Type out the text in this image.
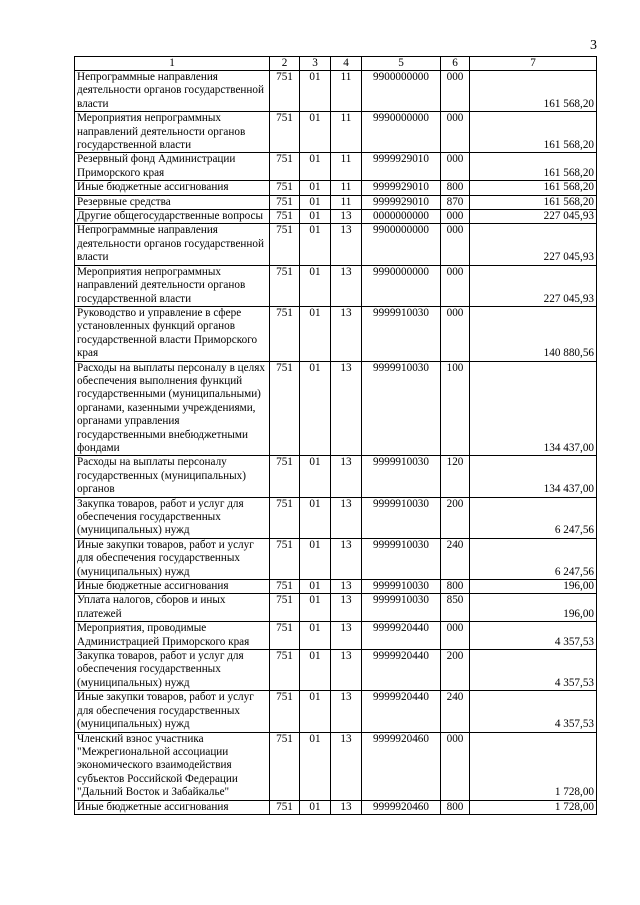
3
1	2	3	4	5	6	7
Непрограммные направления деятельности органов государственной власти	751	01	11	9900000000	000	161 568,20
Мероприятия непрограммных направлений деятельности органов государственной власти	751	01	11	9990000000	000	161 568,20
Резервный фонд Администрации Приморского края	751	01	11	9999929010	000	161 568,20
Иные бюджетные ассигнования	751	01	11	9999929010	800	161 568,20
Резервные средства	751	01	11	9999929010	870	161 568,20
Другие общегосударственные вопросы	751	01	13	0000000000	000	227 045,93
Непрограммные направления деятельности органов государственной власти	751	01	13	9900000000	000	227 045,93
Мероприятия непрограммных направлений деятельности органов государственной власти	751	01	13	9990000000	000	227 045,93
Руководство и управление в сфере установленных функций органов государственной власти Приморского края	751	01	13	9999910030	000	140 880,56
Расходы на выплаты персоналу в целях обеспечения выполнения функций государственными (муниципальными) органами, казенными учреждениями, органами управления государственными внебюджетными фондами	751	01	13	9999910030	100	134 437,00
Расходы на выплаты персоналу государственных (муниципальных) органов	751	01	13	9999910030	120	134 437,00
Закупка товаров, работ и услуг для обеспечения государственных (муниципальных) нужд	751	01	13	9999910030	200	6 247,56
Иные закупки товаров, работ и услуг для обеспечения государственных (муниципальных) нужд	751	01	13	9999910030	240	6 247,56
Иные бюджетные ассигнования	751	01	13	9999910030	800	196,00
Уплата налогов, сборов и иных платежей	751	01	13	9999910030	850	196,00
Мероприятия, проводимые Администрацией Приморского края	751	01	13	9999920440	000	4 357,53
Закупка товаров, работ и услуг для обеспечения государственных (муниципальных) нужд	751	01	13	9999920440	200	4 357,53
Иные закупки товаров, работ и услуг для обеспечения государственных (муниципальных) нужд	751	01	13	9999920440	240	4 357,53
Членский взнос участника "Межрегиональной ассоциации экономического взаимодействия субъектов Российской Федерации "Дальний Восток и Забайкалье"	751	01	13	9999920460	000	1 728,00
Иные бюджетные ассигнования	751	01	13	9999920460	800	1 728,00
